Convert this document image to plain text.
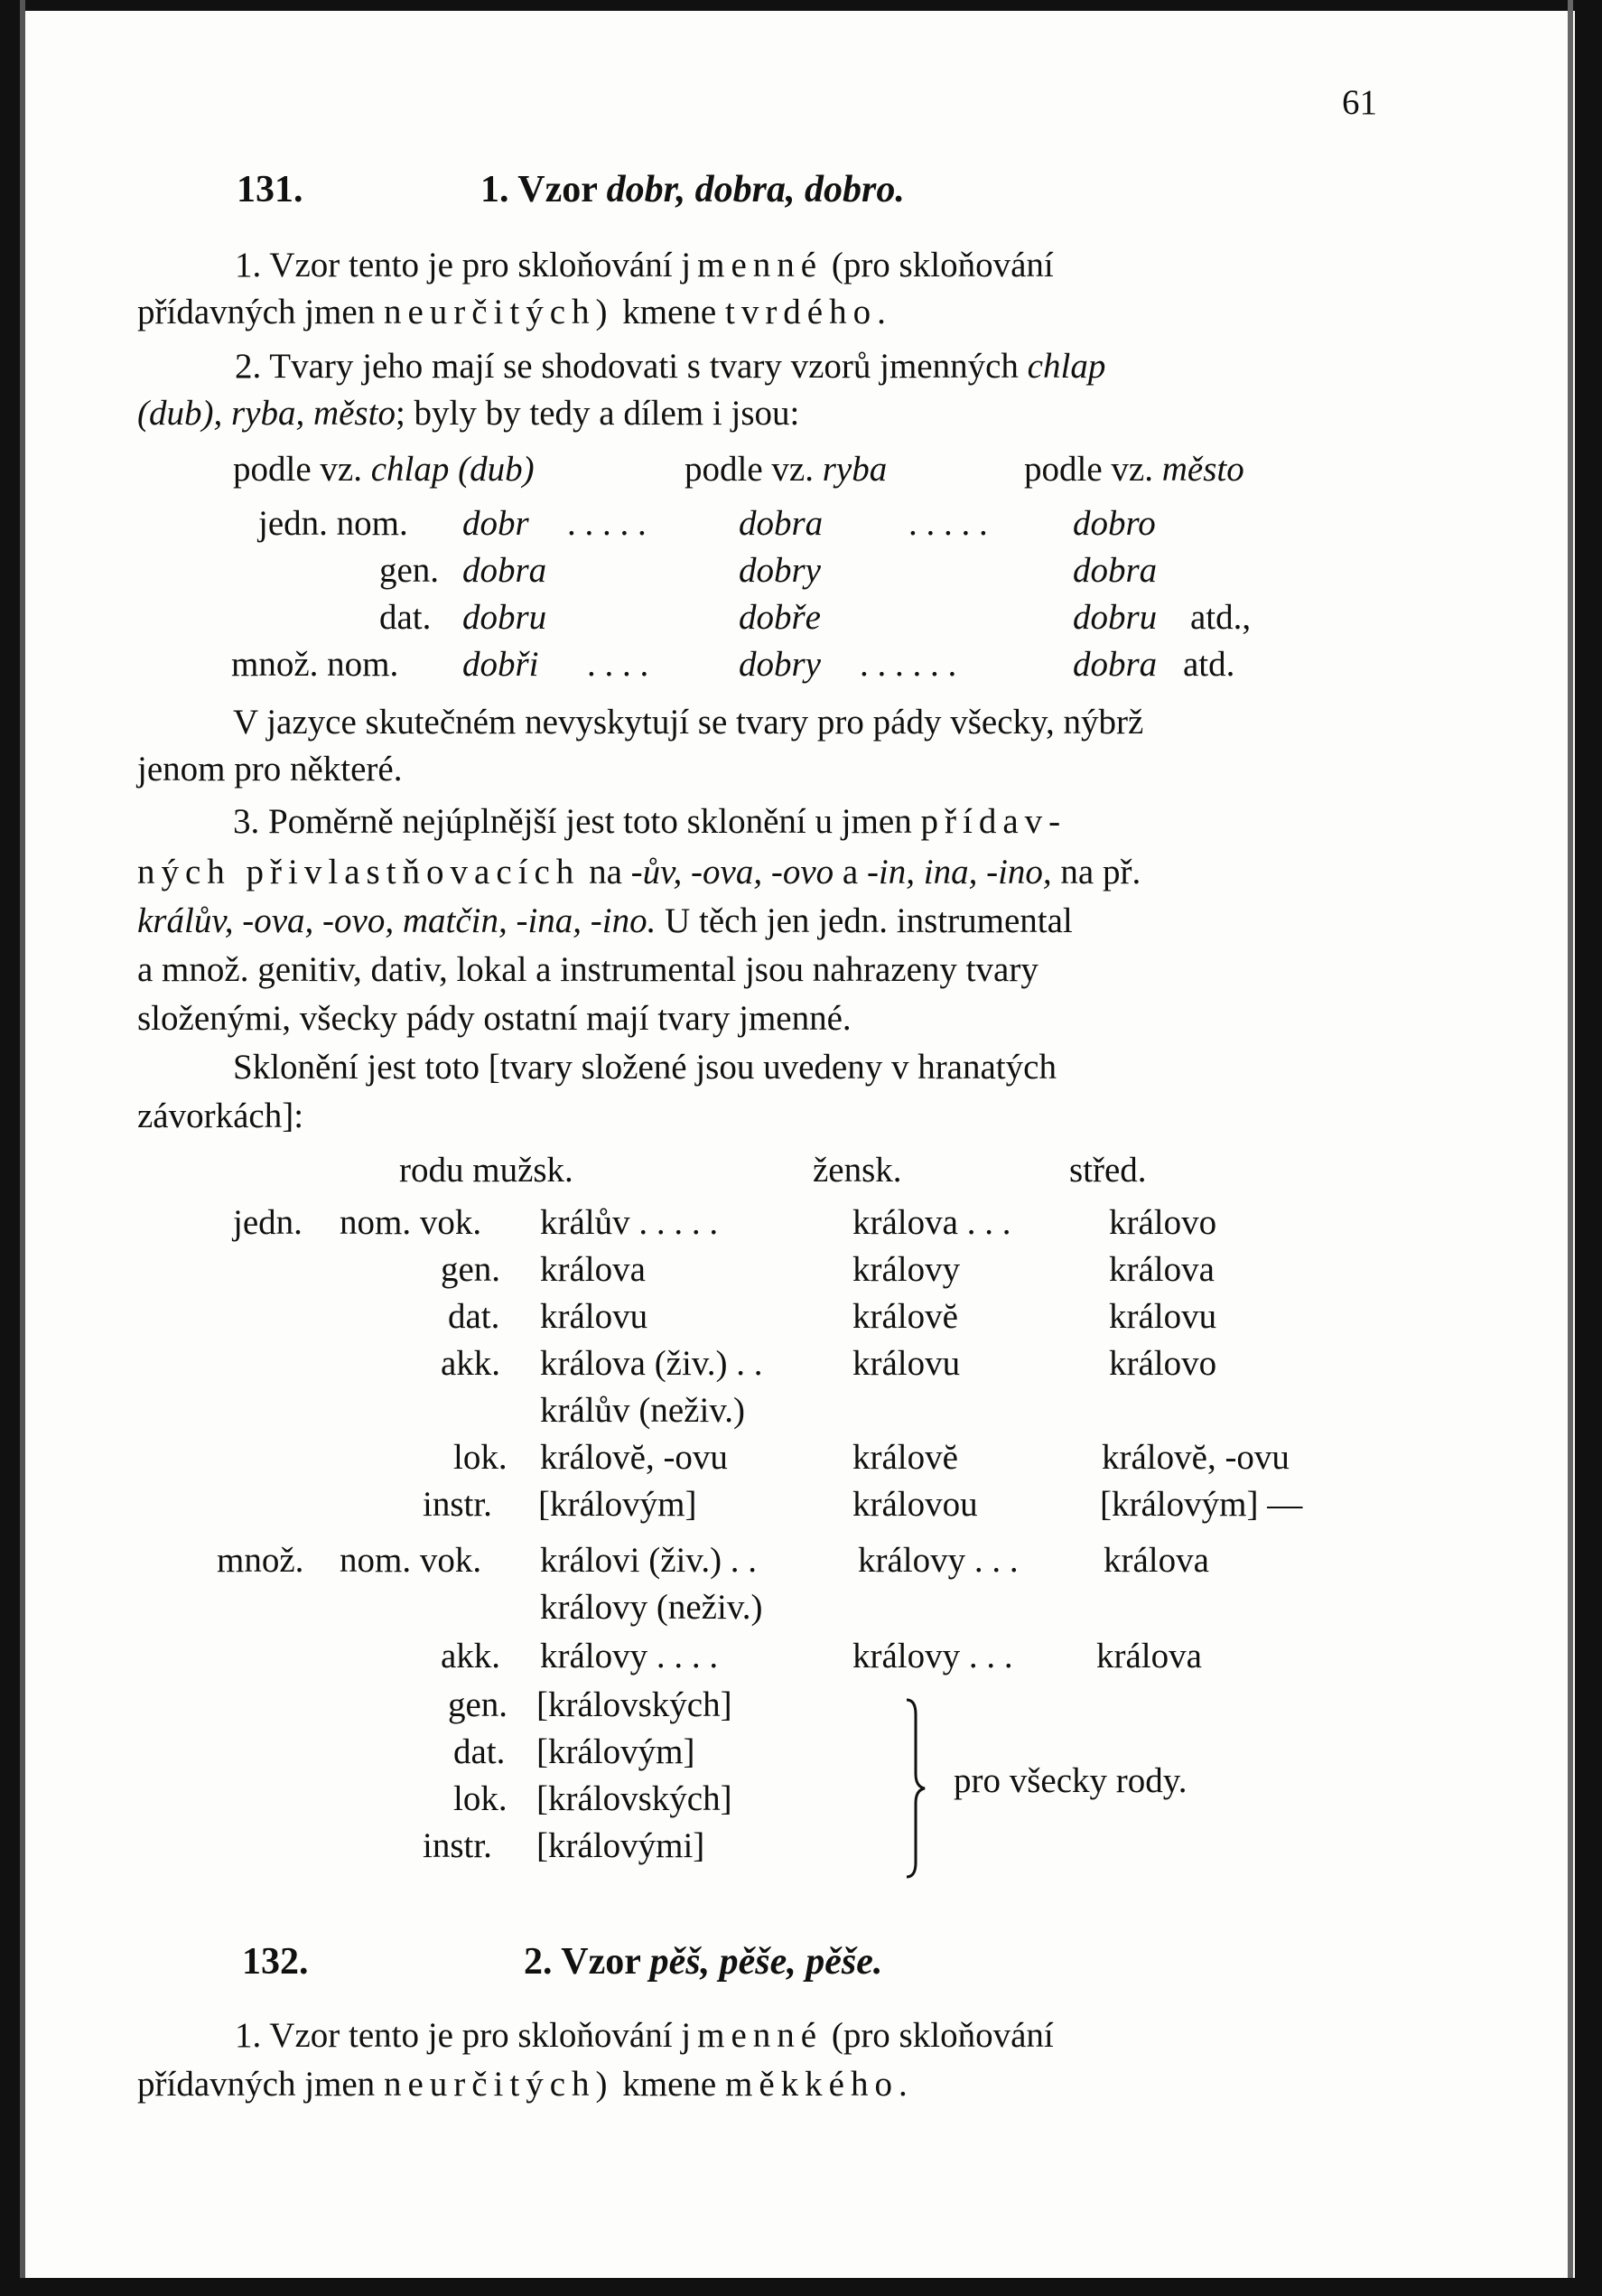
61
131.	1. Vzor dobr, dobra, dobro.
1. Vzor tento je pro skloňování jmenné (pro skloňování
přídavných jmen neurčitých) kmene tvrdého.
2. Tvary jeho mají se shodovati s tvary vzorů jmenných chlap
(dub), ryba, město; byly by tedy a dílem i jsou:
podle vz. chlap (dub)	podle vz. ryba	podle vz. město
jedn. nom. dobr . . . . .	dobra . . . . . dobro
gen. dobra	dobry	dobra
dat. dobru	dobře	dobru atd.,
množ. nom. dobři . . . .	dobry . . . . . .	dobra atd.
V jazyce skutečném nevyskytují se tvary pro pády všecky, nýbrž
jenom pro některé.
3. Poměrně nejúplnější jest toto sklonění u jmen přídav-
ných přivlastňovacích na -ův, -ova, -ovo a -in, ina, -ino, na př.
králův, -ova, -ovo, matčin, -ina, -ino. U těch jen jedn. instrumental
a množ. genitiv, dativ, lokal a instrumental jsou nahrazeny tvary
složenými, všecky pády ostatní mají tvary jmenné.
Sklonění jest toto [tvary složené jsou uvedeny v hranatých
závorkách]:
rodu mužsk.	žensk.	střed.
jedn. nom. vok. králův . . . . .	králova . . .	královo
gen. králova	královy	králova
dat. královu	královĕ	královu
akk. králova (živ.) . .	královu	královo
králův (neživ.)
lok. královĕ, -ovu	královĕ	královĕ, -ovu
instr. [královým]	královou	[královým] —
množ. nom. vok. královi (živ.) . .	královy . . . králova
královy (neživ.)
akk. královy . . . .	královy . . . králova
gen. [královských]
dat. [královým]
lok. [královských]
instr. [královými]
pro všecky rody.
132.	2. Vzor pěš, pěše, pěše.
1. Vzor tento je pro skloňování jmenné (pro skloňování
přídavných jmen neurčitých) kmene měkkého.
